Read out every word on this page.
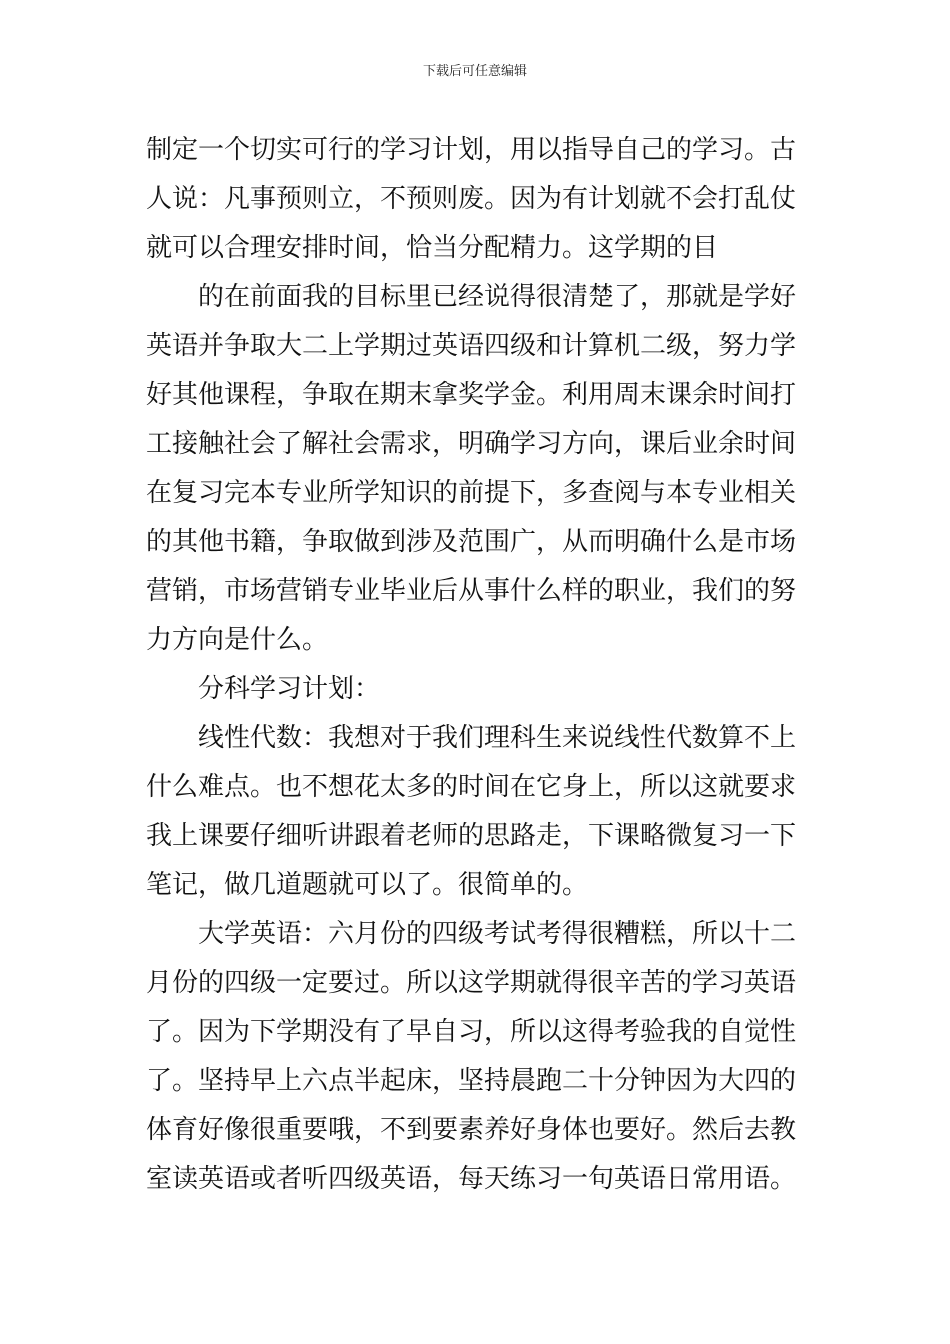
下载后可任意编辑

制定一个切实可行的学习计划，用以指导自己的学习。古
人说：凡事预则立，不预则废。因为有计划就不会打乱仗
就可以合理安排时间，恰当分配精力。这学期的目

的在前面我的目标里已经说得很清楚了，那就是学好
英语并争取大二上学期过英语四级和计算机二级，努力学
好其他课程，争取在期末拿奖学金。利用周末课余时间打
工接触社会了解社会需求，明确学习方向，课后业余时间
在复习完本专业所学知识的前提下，多查阅与本专业相关
的其他书籍，争取做到涉及范围广，从而明确什么是市场
营销，市场营销专业毕业后从事什么样的职业，我们的努
力方向是什么。

分科学习计划：

线性代数：我想对于我们理科生来说线性代数算不上
什么难点。也不想花太多的时间在它身上，所以这就要求
我上课要仔细听讲跟着老师的思路走，下课略微复习一下
笔记，做几道题就可以了。很简单的。

大学英语：六月份的四级考试考得很糟糕，所以十二
月份的四级一定要过。所以这学期就得很辛苦的学习英语
了。因为下学期没有了早自习，所以这得考验我的自觉性
了。坚持早上六点半起床，坚持晨跑二十分钟因为大四的
体育好像很重要哦，不到要素养好身体也要好。然后去教
室读英语或者听四级英语，每天练习一句英语日常用语。
